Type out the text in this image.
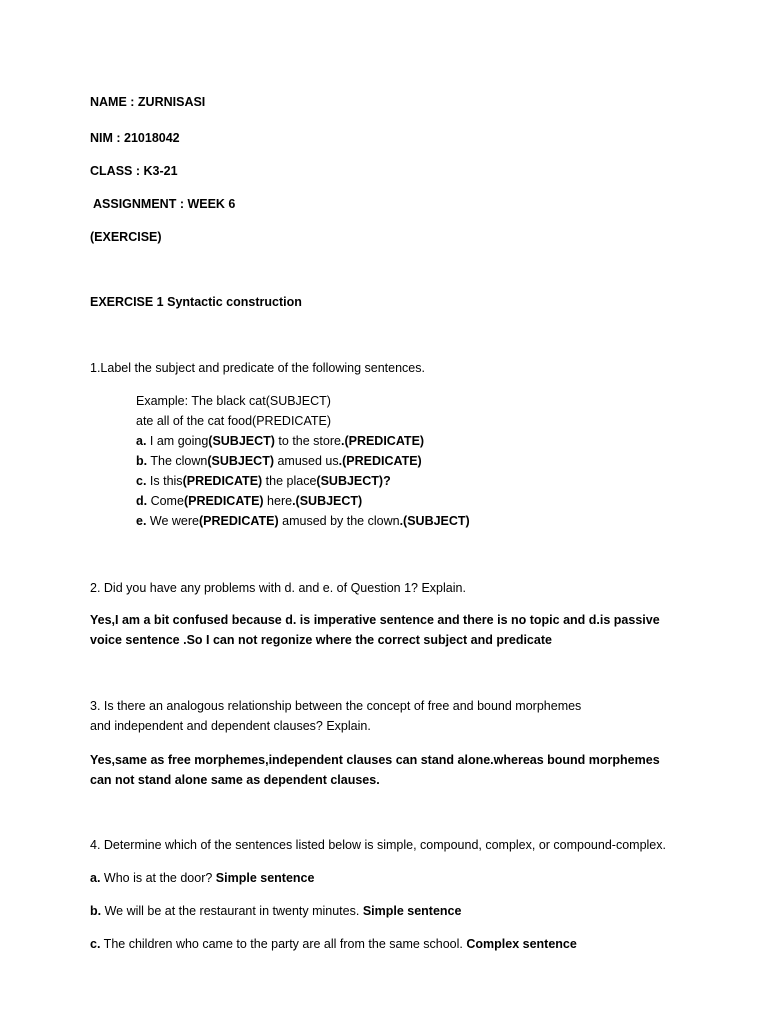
NAME : ZURNISASI
NIM : 21018042
CLASS : K3-21
ASSIGNMENT : WEEK 6
(EXERCISE)
EXERCISE 1 Syntactic construction
1.Label the subject and predicate of the following sentences.
Example: The black cat(SUBJECT)
ate all of the cat food(PREDICATE)
a. I am going(SUBJECT) to the store.(PREDICATE)
b. The clown(SUBJECT) amused us.(PREDICATE)
c. Is this(PREDICATE) the place(SUBJECT)?
d. Come(PREDICATE) here.(SUBJECT)
e. We were(PREDICATE) amused by the clown.(SUBJECT)
2. Did you have any problems with d. and e. of Question 1? Explain.
Yes,I am a bit confused because d. is imperative sentence and there is no topic and d.is passive voice sentence .So I can not regonize where the correct subject and predicate
3. Is there an analogous relationship between the concept of free and bound morphemes
and independent and dependent clauses? Explain.
Yes,same as free morphemes,independent clauses can stand alone.whereas bound morphemes can not stand alone same as dependent clauses.
4. Determine which of the sentences listed below is simple, compound, complex, or compound-complex.
a. Who is at the door? Simple sentence
b. We will be at the restaurant in twenty minutes. Simple sentence
c. The children who came to the party are all from the same school. Complex sentence
